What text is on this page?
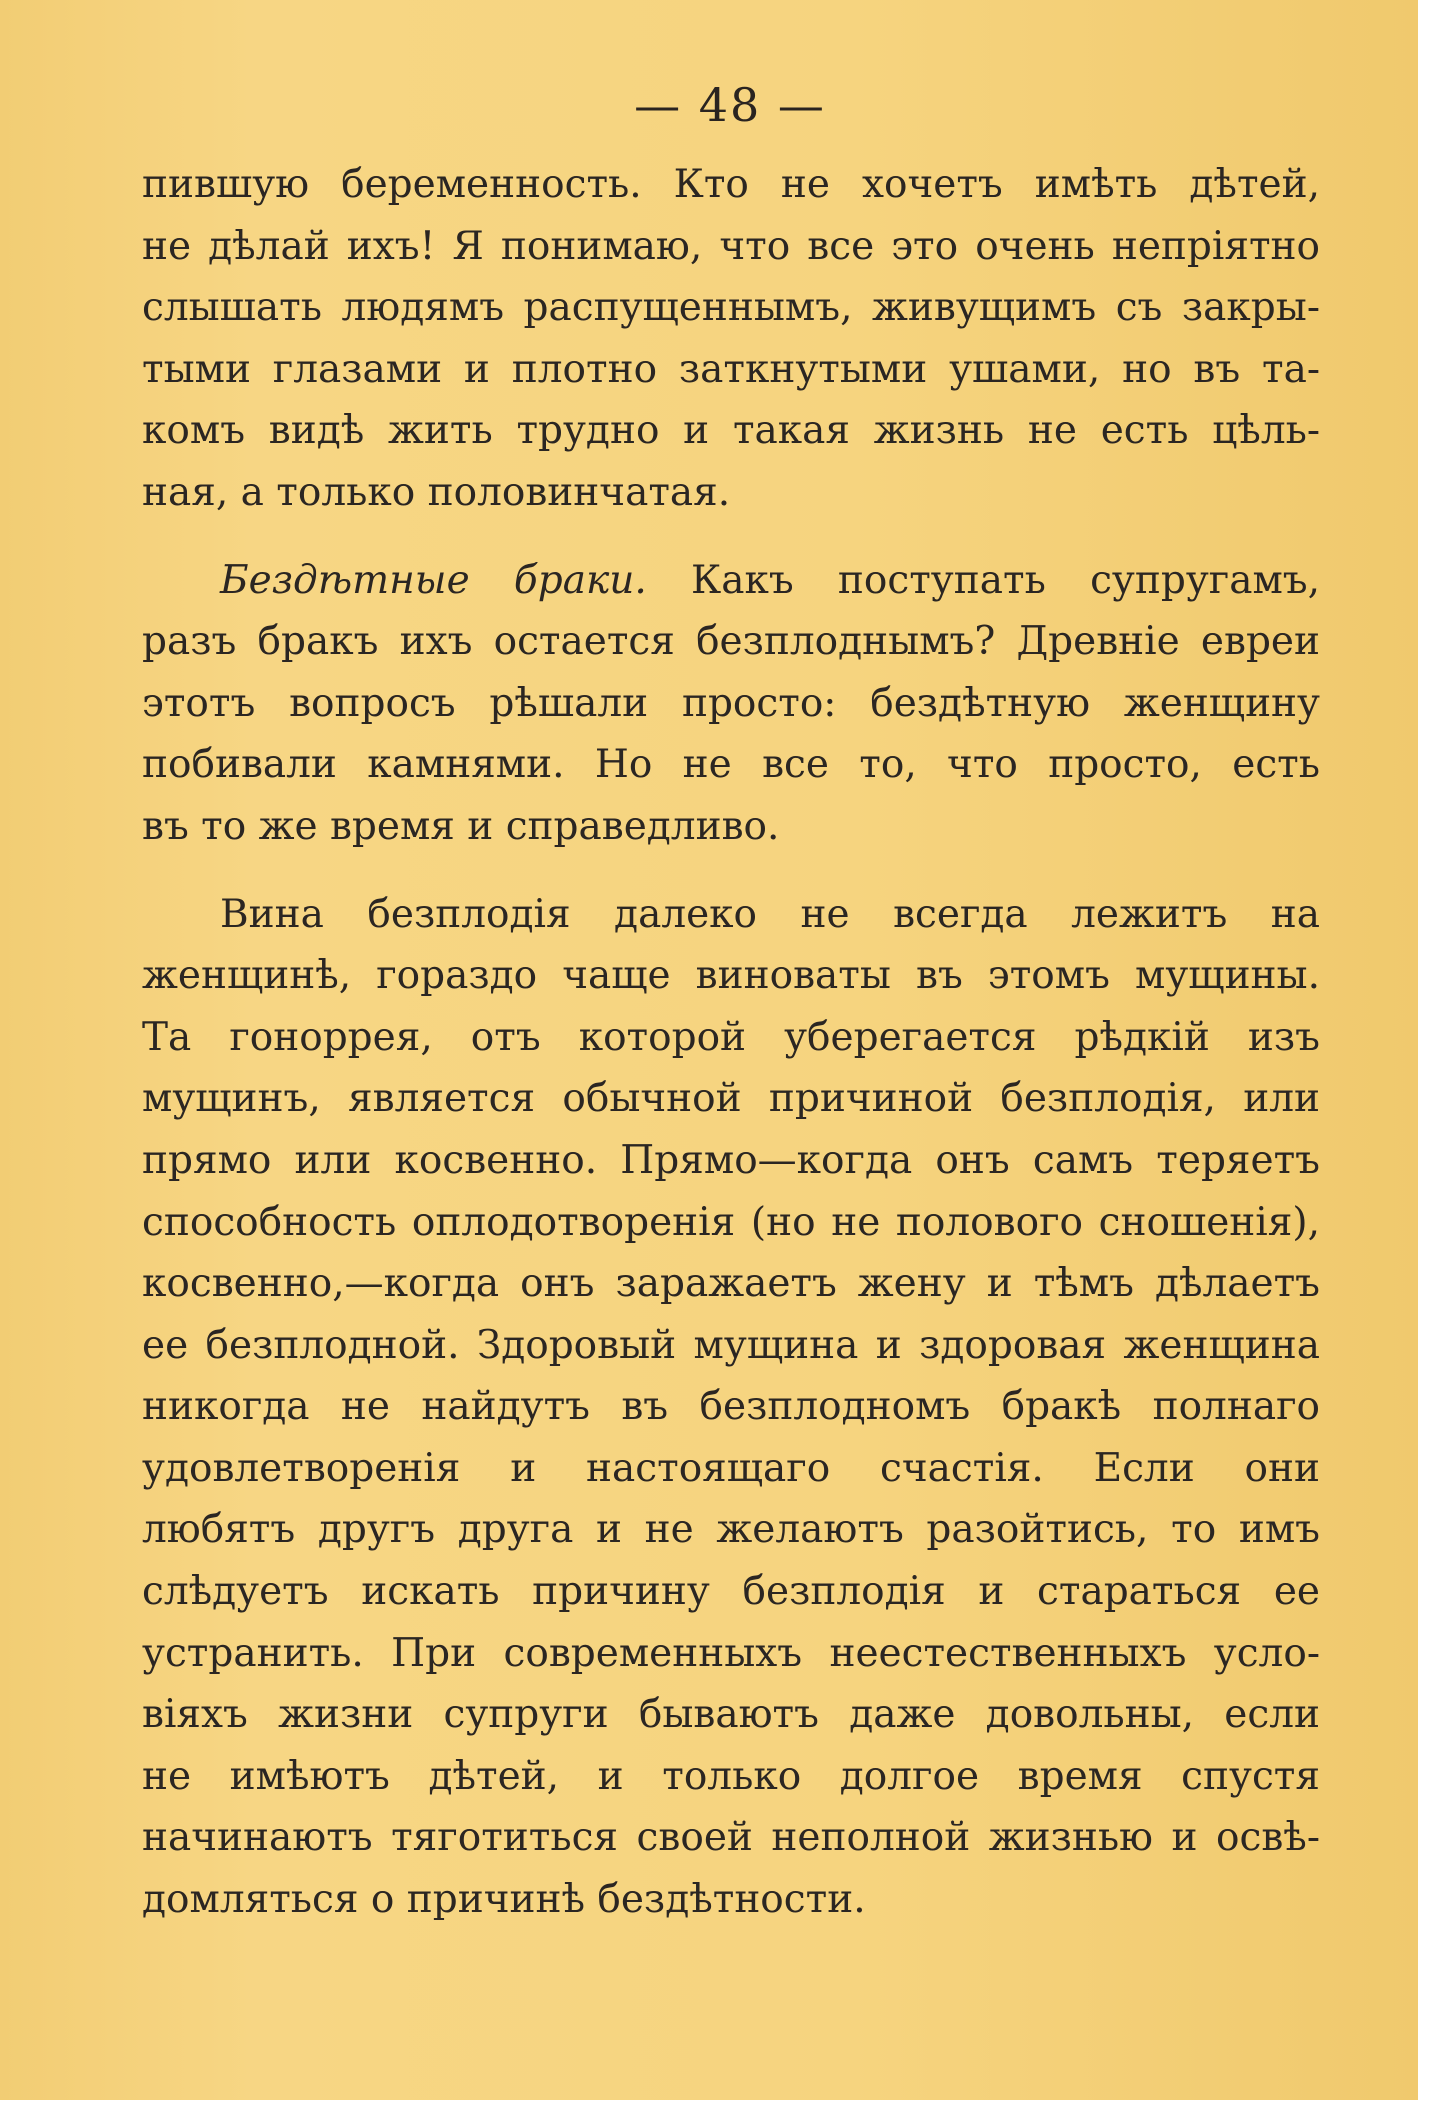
— 48 —
пившую беременность. Кто не хочетъ имѣть дѣтей,
не дѣлай ихъ! Я понимаю, что все это очень непріятно
слышать людямъ распущеннымъ, живущимъ съ закры-
тыми глазами и плотно заткнутыми ушами, но въ та-
комъ видѣ жить трудно и такая жизнь не есть цѣль-
ная, а только половинчатая.
Бездѣтные браки. Какъ поступать супругамъ,
разъ бракъ ихъ остается безплоднымъ? Древніе евреи
этотъ вопросъ рѣшали просто: бездѣтную женщину
побивали камнями. Но не все то, что просто, есть
въ то же время и справедливо.
Вина безплодія далеко не всегда лежитъ на
женщинѣ, гораздо чаще виноваты въ этомъ мущины.
Та гоноррея, отъ которой уберегается рѣдкій изъ
мущинъ, является обычной причиной безплодія, или
прямо или косвенно. Прямо—когда онъ самъ теряетъ
способность оплодотворенія (но не полового сношенія),
косвенно,—когда онъ заражаетъ жену и тѣмъ дѣлаетъ
ее безплодной. Здоровый мущина и здоровая женщина
никогда не найдутъ въ безплодномъ бракѣ полнаго
удовлетворенія и настоящаго счастія. Если они
любятъ другъ друга и не желаютъ разойтись, то имъ
слѣдуетъ искать причину безплодія и стараться ее
устранить. При современныхъ неестественныхъ усло-
віяхъ жизни супруги бываютъ даже довольны, если
не имѣютъ дѣтей, и только долгое время спустя
начинаютъ тяготиться своей неполной жизнью и освѣ-
домляться о причинѣ бездѣтности.
